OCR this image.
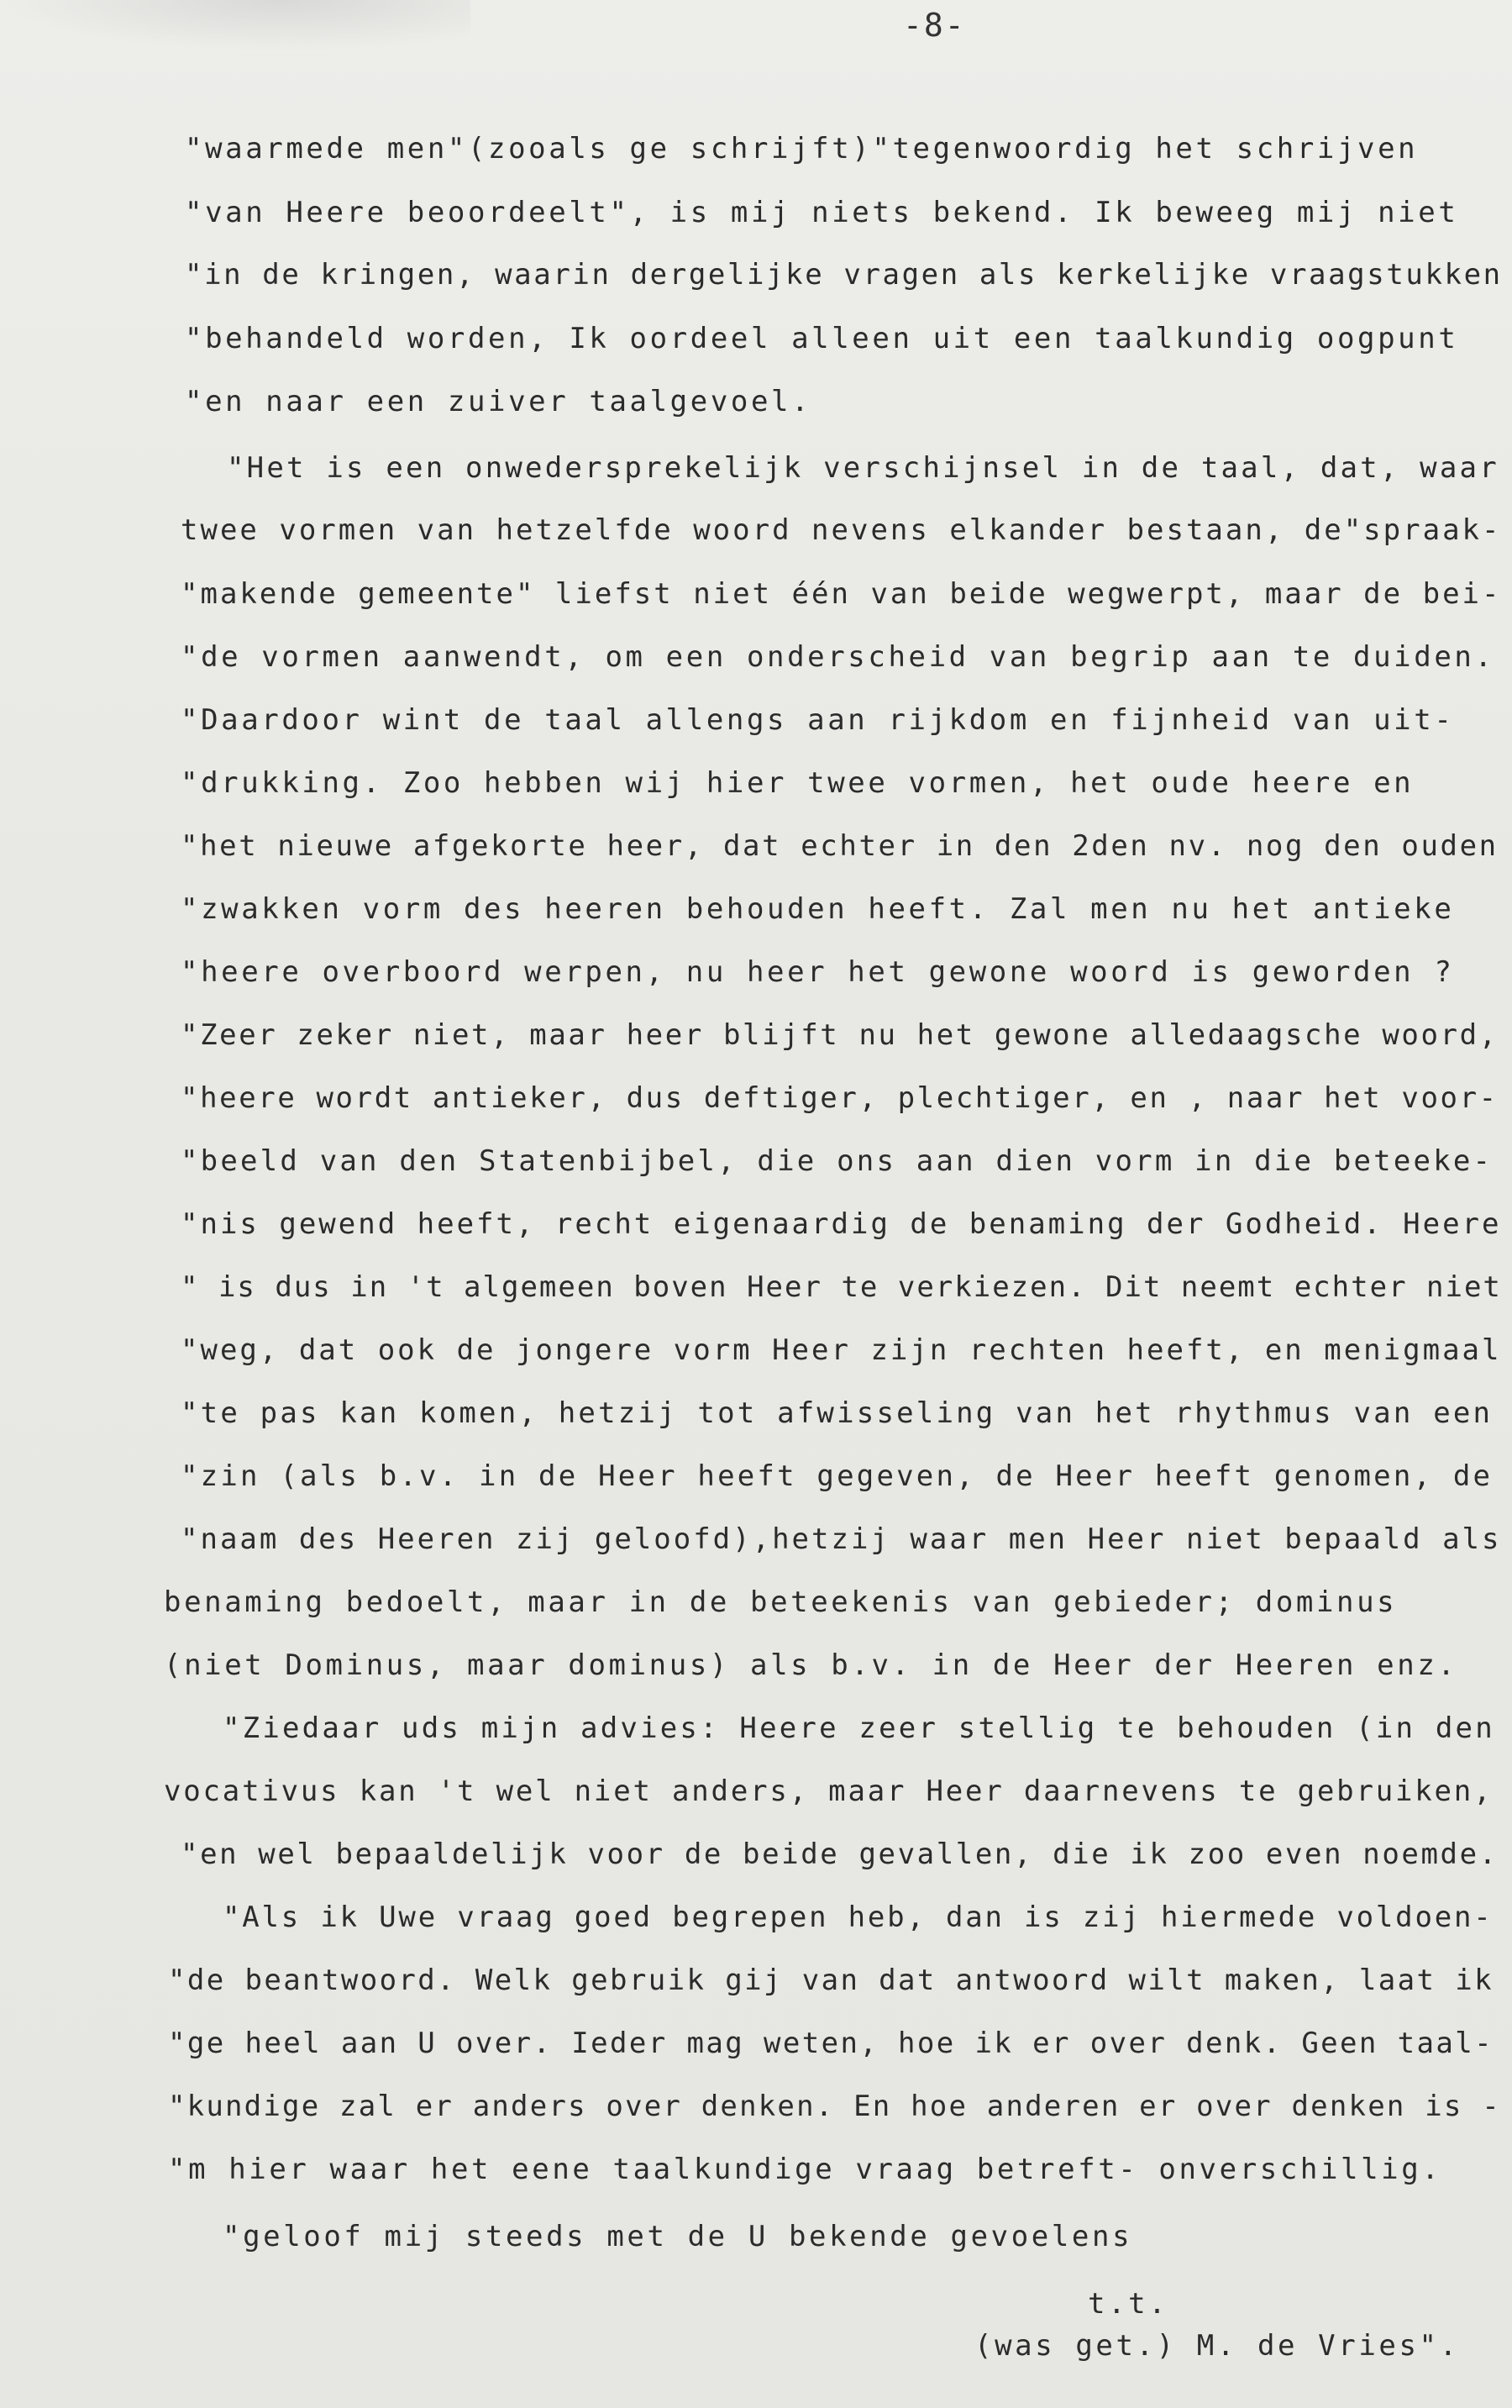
-8-
"waarmede men"(zooals ge schrijft)"tegenwoordig het schrijven
"van Heere beoordeelt", is mij niets bekend. Ik beweeg mij niet
"in de kringen, waarin dergelijke vragen als kerkelijke vraagstukken
"behandeld worden, Ik oordeel alleen uit een taalkundig oogpunt
"en naar een zuiver taalgevoel.
"Het is een onwedersprekelijk verschijnsel in de taal, dat, waar
twee vormen van hetzelfde woord nevens elkander bestaan, de"spraak-
"makende gemeente" liefst niet één van beide wegwerpt, maar de bei-
"de vormen aanwendt, om een onderscheid van begrip aan te duiden.
"Daardoor wint de taal allengs aan rijkdom en fijnheid van uit-
"drukking. Zoo hebben wij hier twee vormen, het oude heere en
"het nieuwe afgekorte heer, dat echter in den 2den nv. nog den ouden
"zwakken vorm des heeren behouden heeft. Zal men nu het antieke
"heere overboord werpen, nu heer het gewone woord is geworden ?
"Zeer zeker niet, maar heer blijft nu het gewone alledaagsche woord,
"heere wordt antieker, dus deftiger, plechtiger, en , naar het voor-
"beeld van den Statenbijbel, die ons aan dien vorm in die beteeke-
"nis gewend heeft, recht eigenaardig de benaming der Godheid. Heere
" is dus in 't algemeen boven Heer te verkiezen. Dit neemt echter niet
"weg, dat ook de jongere vorm Heer zijn rechten heeft, en menigmaal
"te pas kan komen, hetzij tot afwisseling van het rhythmus van een
"zin (als b.v. in de Heer heeft gegeven, de Heer heeft genomen, de
"naam des Heeren zij geloofd),hetzij waar men Heer niet bepaald als
benaming bedoelt, maar in de beteekenis van gebieder; dominus
(niet Dominus, maar dominus) als b.v. in de Heer der Heeren enz.
"Ziedaar uds mijn advies: Heere zeer stellig te behouden (in den
vocativus kan 't wel niet anders, maar Heer daarnevens te gebruiken,
"en wel bepaaldelijk voor de beide gevallen, die ik zoo even noemde.
"Als ik Uwe vraag goed begrepen heb, dan is zij hiermede voldoen-
"de beantwoord. Welk gebruik gij van dat antwoord wilt maken, laat ik
"ge heel aan U over. Ieder mag weten, hoe ik er over denk. Geen taal-
"kundige zal er anders over denken. En hoe anderen er over denken is -
"m hier waar het eene taalkundige vraag betreft- onverschillig.
"geloof mij steeds met de U bekende gevoelens
t.t.
(was get.) M. de Vries".
